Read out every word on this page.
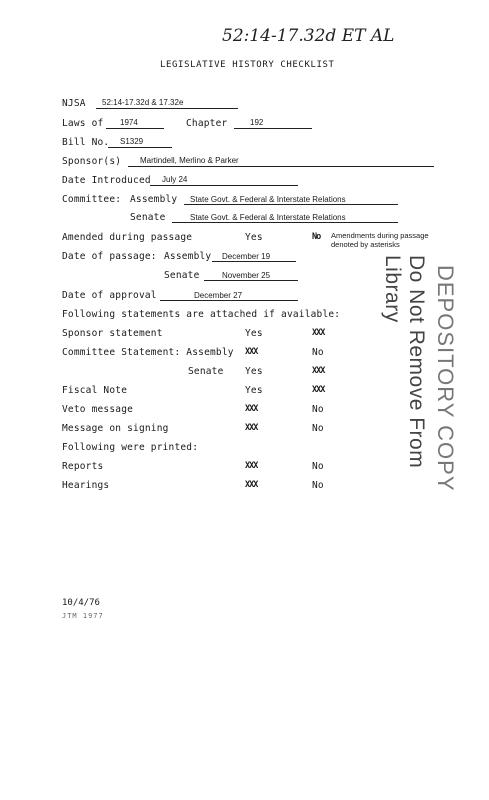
52:14-17.32d ET AL
LEGISLATIVE HISTORY CHECKLIST
NJSA 52:14-17.32d & 17.32e
Laws of 1974	Chapter	192
Bill No. S1329
Sponsor(s) Martindell, Merlino & Parker
Date Introduced July 24
Committee: Assembly State Govt. & Federal & Interstate Relations
Senate	State Govt. & Federal & Interstate Relations
Amended during passage	Yes	No Amendments during passage
denoted by asterisks
Date of passage: Assembly December 19
Senate	November 25
Date of approval	December 27
Following statements are attached if available:
Sponsor statement	Yes	XXX
Committee Statement: Assembly XXX	No
Senate Yes	XXX
Fiscal Note	Yes	XXX
Veto message	XXX	No
Message on signing	XXX	No
Following were printed:
Reports	XXX	No
Hearings	XXX	No	DEPOSITORY COPY
Do Not Remove From Library
10/4/76
JTM 1977
